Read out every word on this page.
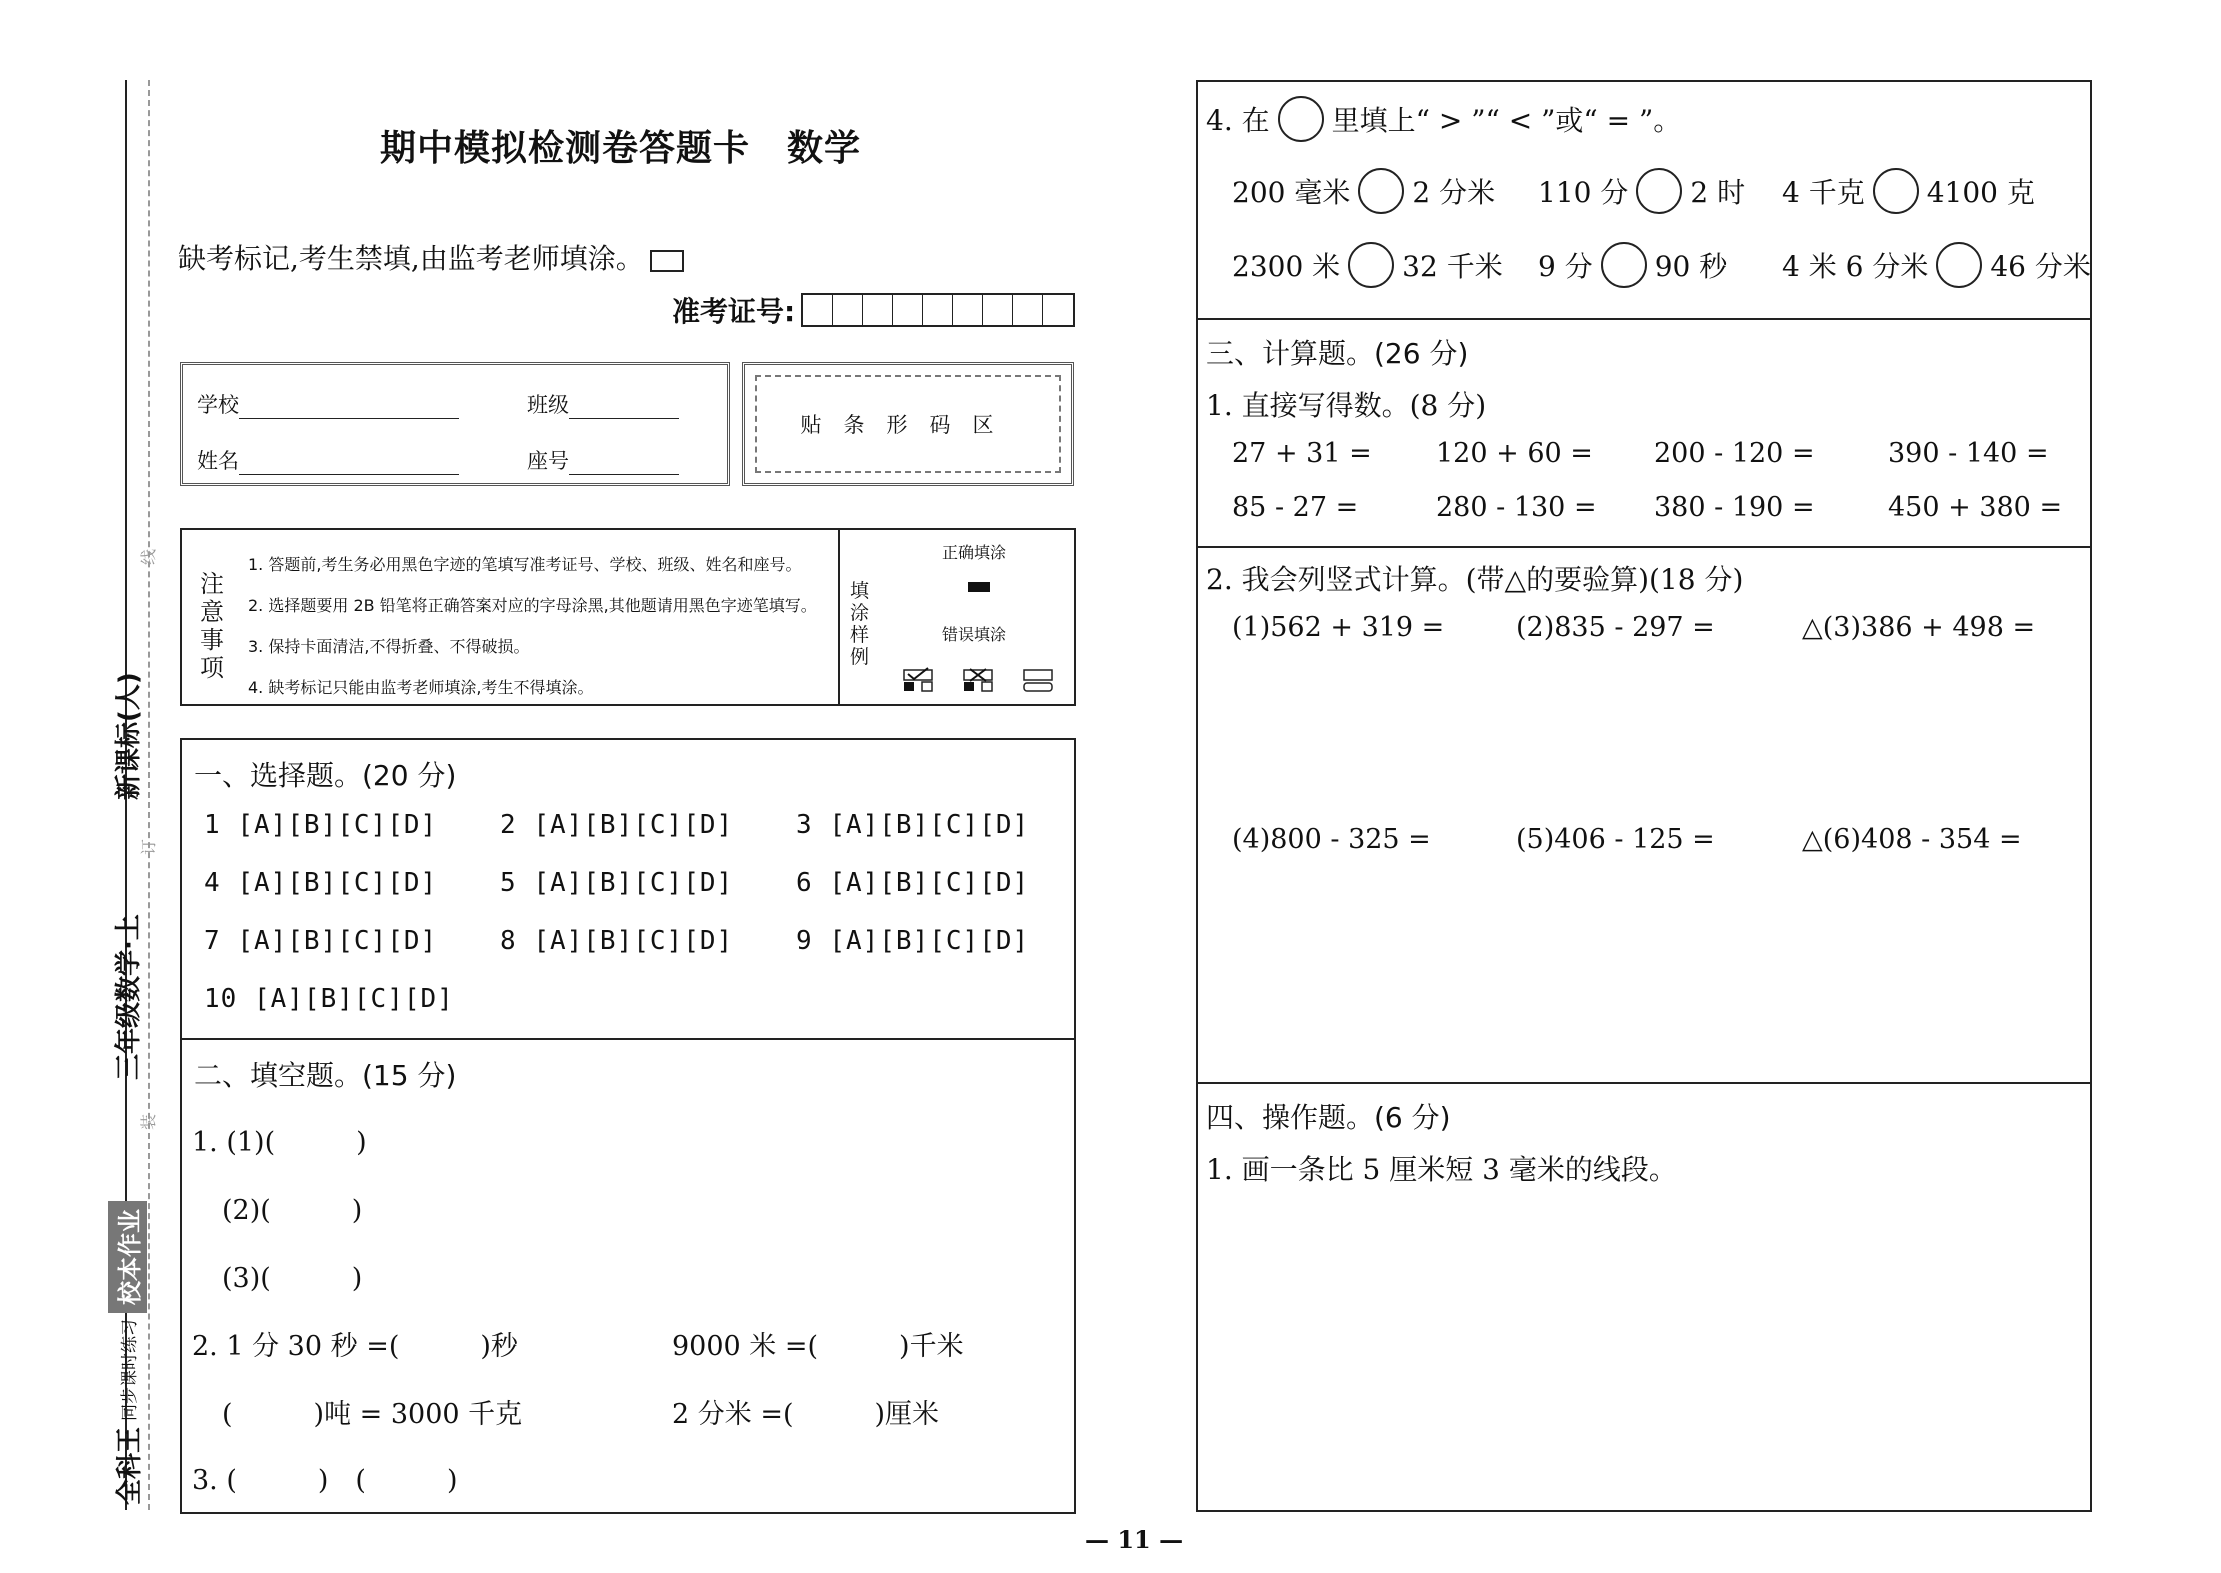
新课标(人)
三年级数学·上
全科王
同步课时练习
校本作业
线
订
装
期中模拟检测卷答题卡　数学
缺考标记,考生禁填,由监考老师填涂。
准考证号:
学校	班级
姓名	座号
贴条形码区
注意事项
1. 答题前,考生务必用黑色字迹的笔填写准考证号、学校、班级、姓名和座号。
2. 选择题要用 2B 铅笔将正确答案对应的字母涂黑,其他题请用黑色字迹笔填写。
3. 保持卡面清洁,不得折叠、不得破损。
4. 缺考标记只能由监考老师填涂,考生不得填涂。
填涂样例
正确填涂
错误填涂
一、选择题。(20 分)
1 [A][B][C][D] 2 [A][B][C][D] 3 [A][B][C][D]
4 [A][B][C][D] 5 [A][B][C][D] 6 [A][B][C][D]
7 [A][B][C][D] 8 [A][B][C][D] 9 [A][B][C][D]
10 [A][B][C][D]
二、填空题。(15 分)
1. (1)(　　　)
(2)(　　　)
(3)(　　　)
2. 1 分 30 秒 =(　　　)秒	9000 米 =(　　　)千米
(　　　)吨 = 3000 千克	2 分米 =(　　　)厘米
3. (　　　)　(　　　)
4. 在 里填上“ > ”“ < ”或“ = ”。
200 毫米 2 分米 110 分 2 时 4 千克 4100 克
2300 米 32 千米 9 分 90 秒 4 米 6 分米 46 分米
三、计算题。(26 分)
1. 直接写得数。(8 分)
27 + 31 = 120 + 60 = 200 - 120 =	390 - 140 =
85 - 27 =	280 - 130 = 380 - 190 =	450 + 380 =
2. 我会列竖式计算。(带△的要验算)(18 分)
(1)562 + 319 =	(2)835 - 297 =	△(3)386 + 498 =
(4)800 - 325 =	(5)406 - 125 =	△(6)408 - 354 =
四、操作题。(6 分)
1. 画一条比 5 厘米短 3 毫米的线段。
— 11 —
